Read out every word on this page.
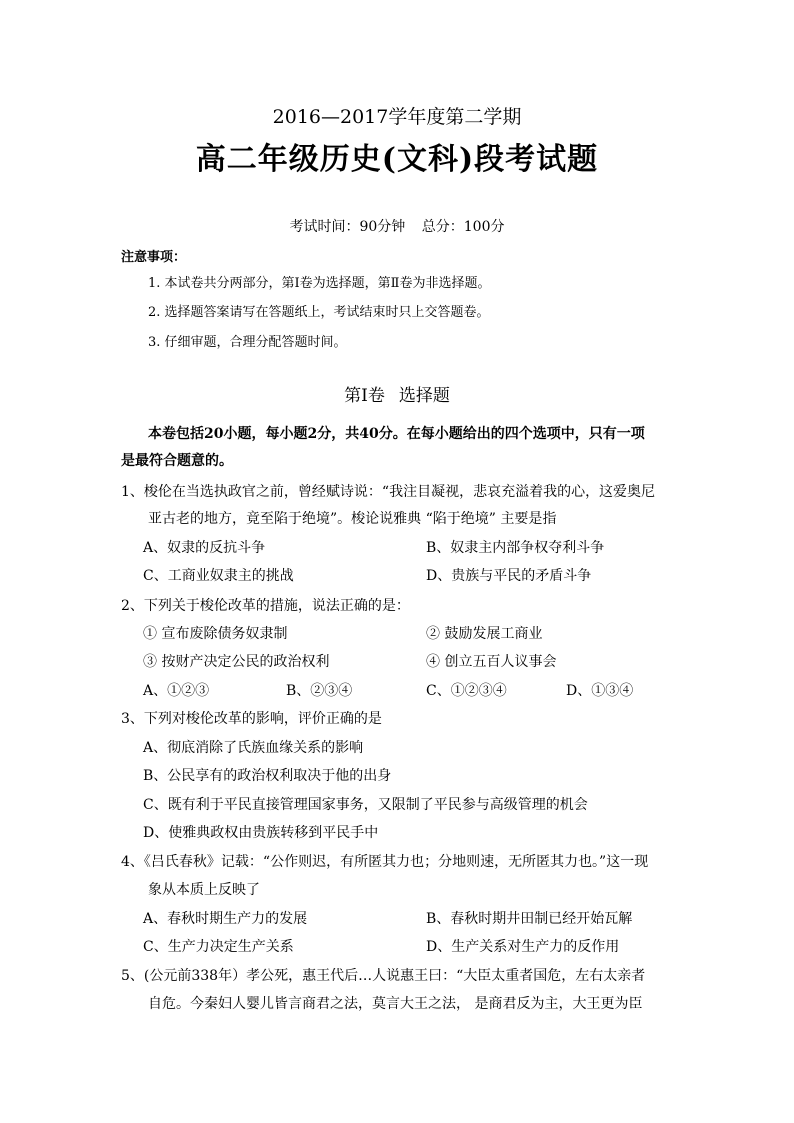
2016—2017学年度第二学期
高二年级历史(文科)段考试题
考试时间：90分钟 总分：100分
注意事项：
1. 本试卷共分两部分，第Ⅰ卷为选择题，第Ⅱ卷为非选择题。
2. 选择题答案请写在答题纸上，考试结束时只上交答题卷。
3. 仔细审题，合理分配答题时间。
第Ⅰ卷 选择题
本卷包括20小题，每小题2分，共40分。在每小题给出的四个选项中，只有一项
是最符合题意的。
1、梭伦在当选执政官之前，曾经赋诗说：“我注目凝视，悲哀充溢着我的心，这爱奥尼
亚古老的地方，竟至陷于绝境”。梭论说雅典 “陷于绝境” 主要是指
A、奴隶的反抗斗争	B、奴隶主内部争权夺利斗争
C、工商业奴隶主的挑战	D、贵族与平民的矛盾斗争
2、下列关于梭伦改革的措施，说法正确的是：
① 宣布废除债务奴隶制	② 鼓励发展工商业
③ 按财产决定公民的政治权利	④ 创立五百人议事会
A、①②③	B、②③④	C、①②③④	D、①③④
3、下列对梭伦改革的影响，评价正确的是
A、彻底消除了氏族血缘关系的影响
B、公民享有的政治权利取决于他的出身
C、既有利于平民直接管理国家事务，又限制了平民参与高级管理的机会
D、使雅典政权由贵族转移到平民手中
4、《吕氏春秋》记载：“公作则迟，有所匿其力也；分地则速，无所匿其力也。”这一现
象从本质上反映了
A、春秋时期生产力的发展	B、春秋时期井田制已经开始瓦解
C、生产力决定生产关系	D、生产关系对生产力的反作用
5、(公元前338年）孝公死，惠王代后…人说惠王曰：“大臣太重者国危，左右太亲者
自危。今秦妇人婴儿皆言商君之法，莫言大王之法， 是商君反为主，大王更为臣
